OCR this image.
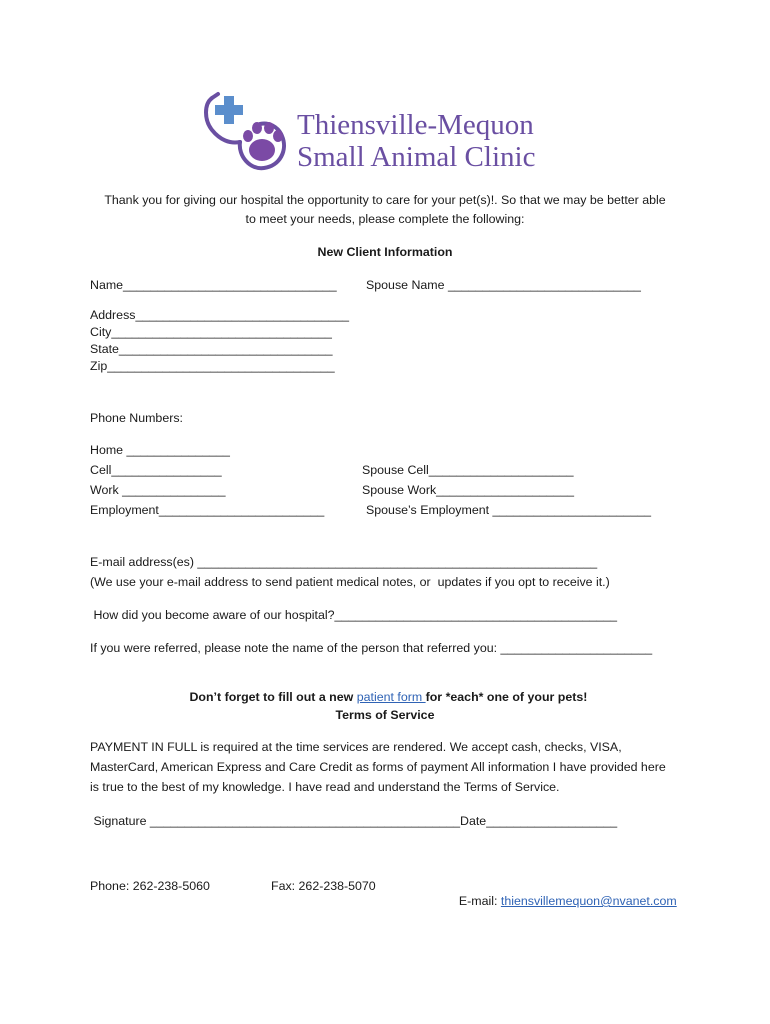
Thiensville-Mequon
Small Animal Clinic
Thank you for giving our hospital the opportunity to care for your pet(s)!. So that we may be better able
to meet your needs, please complete the following:
New Client Information
Name_______________________________ Spouse Name ____________________________
Address_______________________________
City________________________________
State_______________________________
Zip_________________________________
Phone Numbers:
Home _______________
Cell________________
Work _______________
Employment________________________
Spouse Cell_____________________
Spouse Work____________________
Spouse’s Employment _______________________
E-mail address(es) __________________________________________________________
(We use your e-mail address to send patient medical notes, or  updates if you opt to receive it.)
How did you become aware of our hospital?_________________________________________
If you were referred, please note the name of the person that referred you: ______________________

Don’t forget to fill out a new patient form for *each* one of your pets!

Terms of Service
PAYMENT IN FULL is required at the time services are rendered. We accept cash, checks, VISA,
MasterCard, American Express and Care Credit as forms of payment All information I have provided here
is true to the best of my knowledge. I have read and understand the Terms of Service.
Signature _____________________________________________Date___________________
Phone: 262-238-5060	Fax: 262-238-5070

E-mail: thiensvillemequon@nvanet.com
